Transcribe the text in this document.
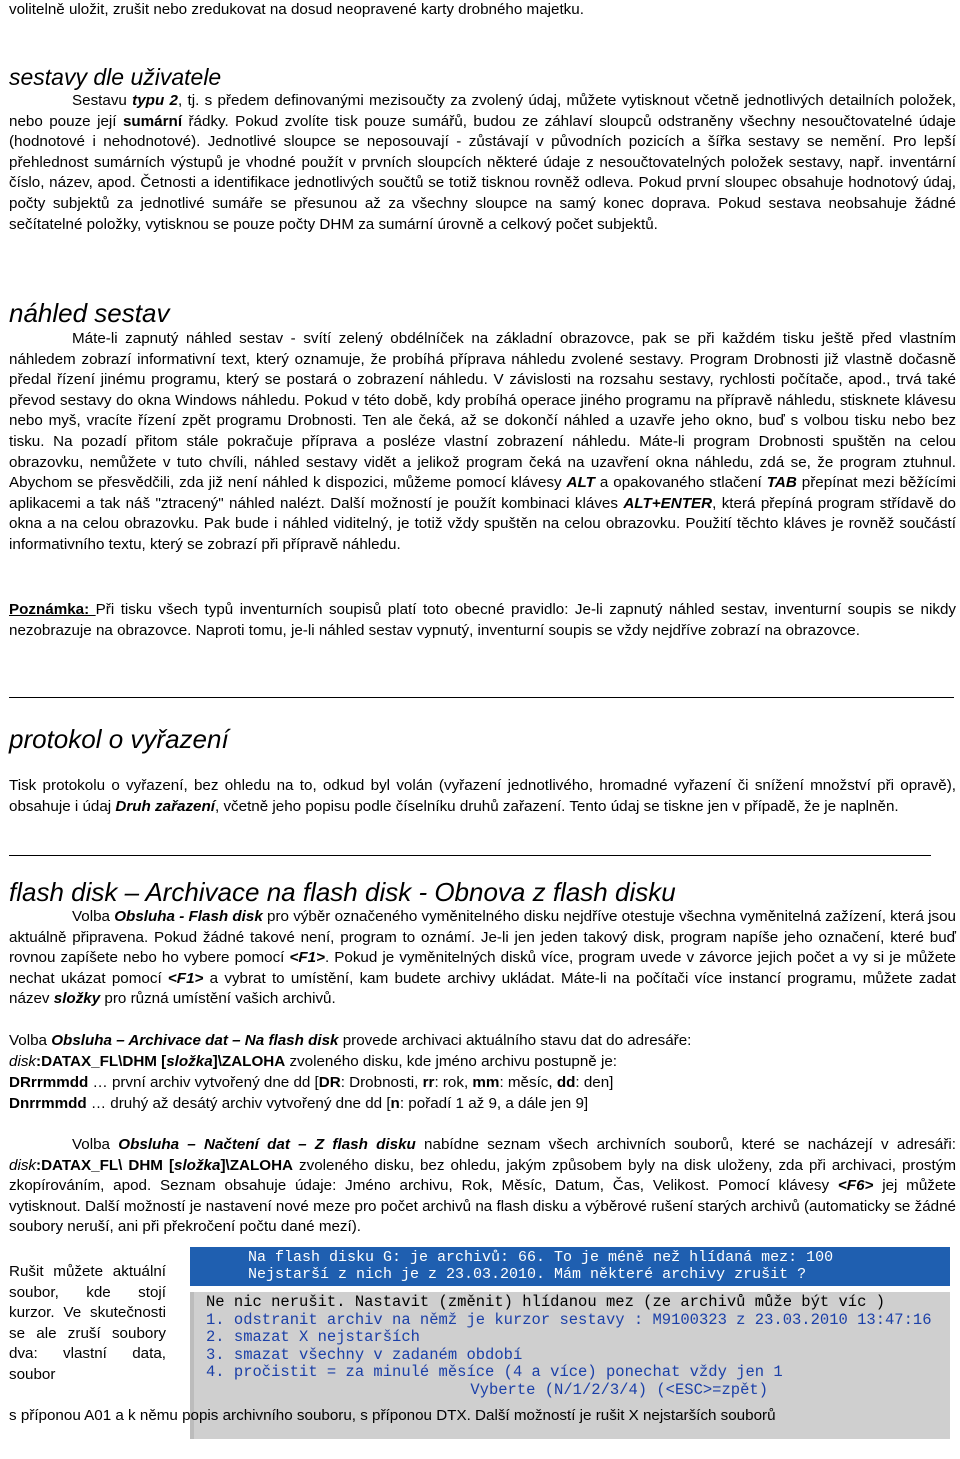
volitelně uložit, zrušit nebo zredukovat na dosud neopravené karty drobného majetku.

sestavy dle uživatele

Sestavu typu 2, tj. s předem definovanými mezisoučty za zvolený údaj, můžete vytisknout včetně jednotlivých detailních položek, nebo pouze její sumární řádky. Pokud zvolíte tisk pouze sumářů, budou ze záhlaví sloupců odstraněny všechny nesoučtovatelné údaje (hodnotové i nehodnotové). Jednotlivé sloupce se neposouvají - zůstávají v původních pozicích a šířka sestavy se nemění. Pro lepší přehlednost sumárních výstupů je vhodné použít v prvních sloupcích některé údaje z nesoučtovatelných položek sestavy, např. inventární číslo, název, apod. Četnosti a identifikace jednotlivých součtů se totiž tisknou rovněž odleva. Pokud první sloupec obsahuje hodnotový údaj, počty subjektů za jednotlivé sumáře se přesunou až za všechny sloupce na samý konec doprava. Pokud sestava neobsahuje žádné sečítatelné položky, vytisknou se pouze počty DHM za sumární úrovně a celkový počet subjektů.

náhled sestav

Máte-li zapnutý náhled sestav - svítí zelený obdélníček na základní obrazovce, pak se při každém tisku ještě před vlastním náhledem zobrazí informativní text, který oznamuje, že probíhá příprava náhledu zvolené sestavy. Program Drobnosti již vlastně dočasně předal řízení jinému programu, který se postará o zobrazení náhledu. V závislosti na rozsahu sestavy, rychlosti počítače, apod., trvá také převod sestavy do okna Windows náhledu. Pokud v této době, kdy probíhá operace jiného programu na přípravě náhledu, stisknete klávesu nebo myš, vracíte řízení zpět programu Drobnosti. Ten ale čeká, až se dokončí náhled a uzavře jeho okno, buď s volbou tisku nebo bez tisku. Na pozadí přitom stále pokračuje příprava a posléze vlastní zobrazení náhledu. Máte-li program Drobnosti spuštěn na celou obrazovku, nemůžete v tuto chvíli, náhled sestavy vidět a jelikož program čeká na uzavření okna náhledu, zdá se, že program ztuhnul. Abychom se přesvědčili, zda již není náhled k dispozici, můžeme pomocí klávesy ALT a opakovaného stlačení TAB přepínat mezi běžícími aplikacemi a tak náš "ztracený" náhled nalézt. Další možností je použít kombinaci kláves ALT+ENTER, která přepíná program střídavě do okna a na celou obrazovku. Pak bude i náhled viditelný, je totiž vždy spuštěn na celou obrazovku. Použití těchto kláves je rovněž součástí informativního textu, který se zobrazí při přípravě náhledu.

Poznámka: Při tisku všech typů inventurních soupisů platí toto obecné pravidlo: Je-li zapnutý náhled sestav, inventurní soupis se nikdy nezobrazuje na obrazovce. Naproti tomu, je-li náhled sestav vypnutý, inventurní soupis se vždy nejdříve zobrazí na obrazovce.

protokol o vyřazení

Tisk protokolu o vyřazení, bez ohledu na to, odkud byl volán (vyřazení jednotlivého, hromadné vyřazení či snížení množství při opravě), obsahuje i údaj Druh zařazení, včetně jeho popisu podle číselníku druhů zařazení. Tento údaj se tiskne jen v případě, že je naplněn.

flash disk – Archivace na flash disk - Obnova z flash disku

Volba Obsluha - Flash disk pro výběr označeného vyměnitelného disku nejdříve otestuje všechna vyměnitelná zažízení, která jsou aktuálně připravena. Pokud žádné takové není, program to oznámí. Je-li jen jeden takový disk, program napíše jeho označení, které buď rovnou zapíšete nebo ho vybere pomocí <F1>. Pokud je vyměnitelných disků více, program uvede v závorce jejich počet a vy si je můžete nechat ukázat pomocí <F1> a vybrat to umístění, kam budete archivy ukládat. Máte-li na počítači více instancí programu, můžete zadat název složky pro různá umístění vašich archivů.

Volba Obsluha – Archivace dat – Na flash disk provede archivaci aktuálního stavu dat do adresáře:

disk:DATAX_FL\DHM [složka]\ZALOHA zvoleného disku, kde jméno archivu postupně je:

DRrrmmdd … první archiv vytvořený dne dd [DR: Drobnosti, rr: rok, mm: měsíc, dd: den]

Dnrrmmdd … druhý až desátý archiv vytvořený dne dd [n: pořadí 1 až 9, a dále jen 9]

Volba Obsluha – Načtení dat – Z flash disku nabídne seznam všech archivních souborů, které se nacházejí v adresáři: disk:DATAX_FL\ DHM [složka]\ZALOHA zvoleného disku, bez ohledu, jakým způsobem byly na disk uloženy, zda při archivaci, prostým zkopírováním, apod. Seznam obsahuje údaje: Jméno archivu, Rok, Měsíc, Datum, Čas, Velikost. Pomocí klávesy <F6> jej můžete vytisknout. Další možností je nastavení nové meze pro počet archivů na flash disku a výběrové rušení starých archivů (automaticky se žádné soubory neruší, ani při překročení počtu dané mezí).

Rušit můžete aktuální soubor, kde stojí kurzor. Ve skutečnosti se ale zruší soubory dva: vlastní data, soubor

Na flash disku G: je archivů: 66. To je méně než hlídaná mez: 100
Nejstarší z nich je z 23.03.2010. Mám některé archivy zrušit ?
Ne nic nerušit. Nastavit (změnit) hlídanou mez (ze archivů může být víc )
1. odstranit archiv na němž je kurzor sestavy : M9100323 z 23.03.2010 13:47:16
2. smazat X nejstarších
3. smazat všechny v zadaném období
4. pročistit = za minulé měsíce (4 a více) ponechat vždy jen 1
Vyberte (N/1/2/3/4) (<ESC>=zpět)

s příponou A01 a k němu popis archivního souboru, s příponou DTX. Další možností je rušit X nejstarších souborů
